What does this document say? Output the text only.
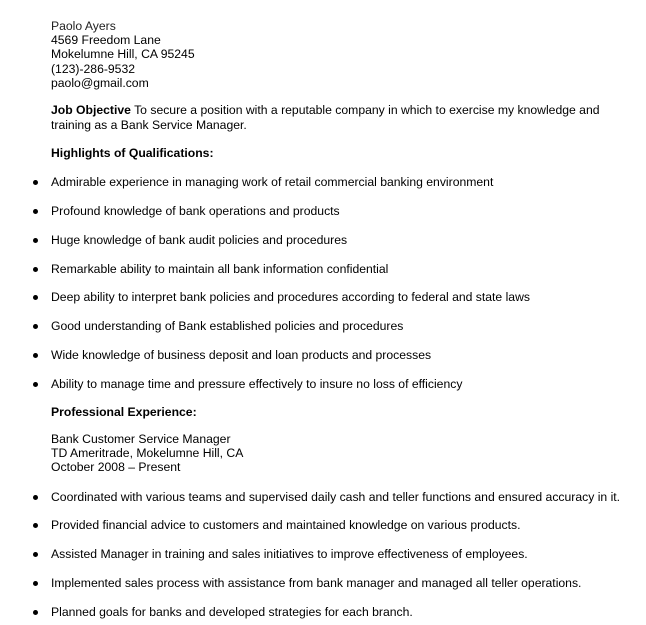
Paolo Ayers
4569 Freedom Lane
Mokelumne Hill, CA 95245
(123)-286-9532
paolo@gmail.com
Job Objective To secure a position with a reputable company in which to exercise my knowledge and training as a Bank Service Manager.
Highlights of Qualifications:
Admirable experience in managing work of retail commercial banking environment
Profound knowledge of bank operations and products
Huge knowledge of bank audit policies and procedures
Remarkable ability to maintain all bank information confidential
Deep ability to interpret bank policies and procedures according to federal and state laws
Good understanding of Bank established policies and procedures
Wide knowledge of business deposit and loan products and processes
Ability to manage time and pressure effectively to insure no loss of efficiency
Professional Experience:
Bank Customer Service Manager
TD Ameritrade, Mokelumne Hill, CA
October 2008 – Present
Coordinated with various teams and supervised daily cash and teller functions and ensured accuracy in it.
Provided financial advice to customers and maintained knowledge on various products.
Assisted Manager in training and sales initiatives to improve effectiveness of employees.
Implemented sales process with assistance from bank manager and managed all teller operations.
Planned goals for banks and developed strategies for each branch.
